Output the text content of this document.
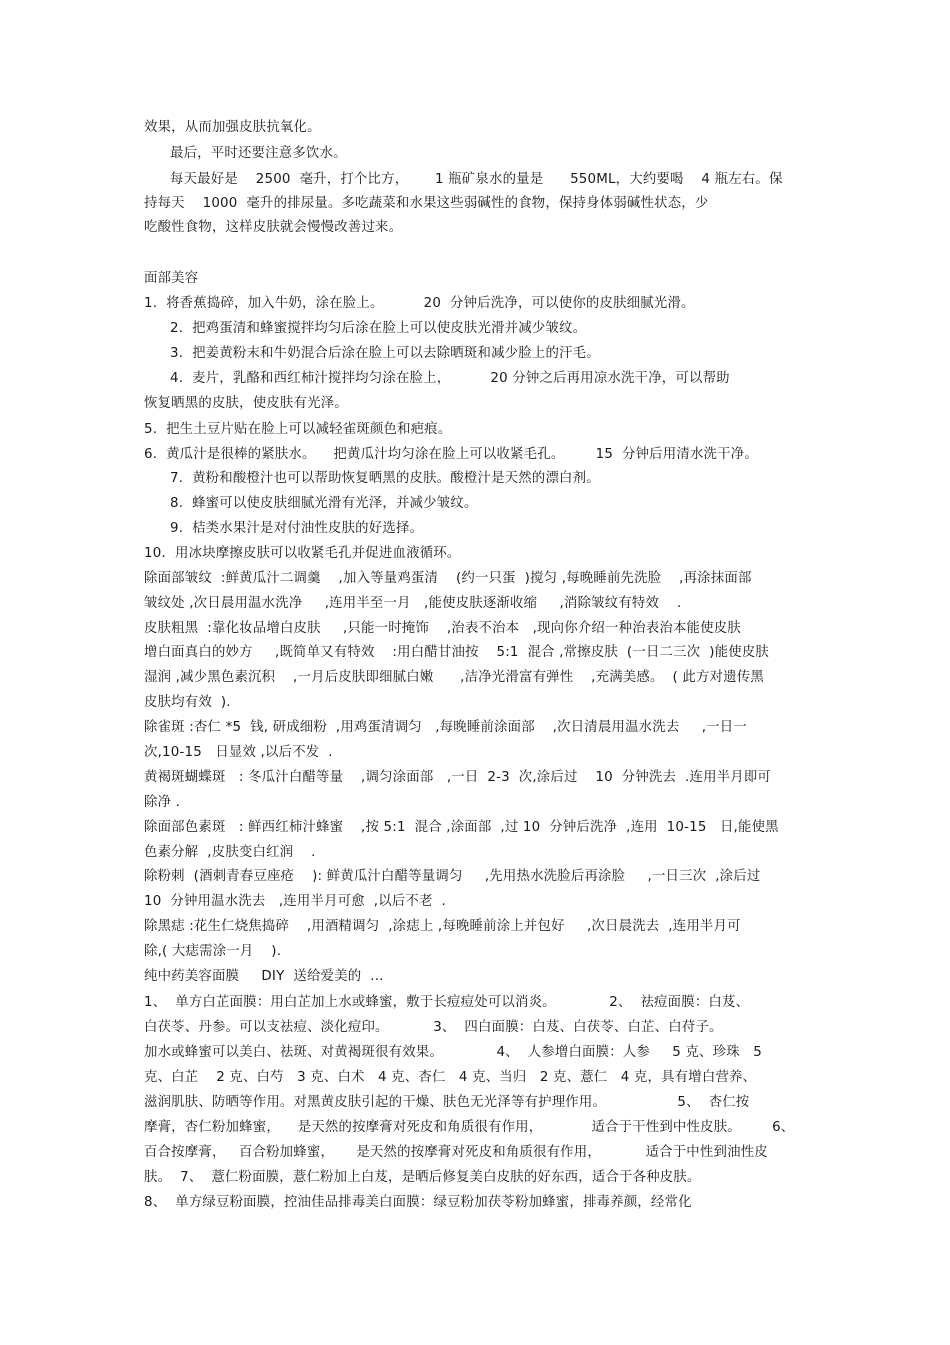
效果，从而加强皮肤抗氧化。
最后，平时还要注意多饮水。
每天最好是    2500  毫升，打个比方，      1 瓶矿泉水的量是      550ML，大约要喝    4 瓶左右。保
持每天    1000  毫升的排尿量。多吃蔬菜和水果这些弱碱性的食物，保持身体弱碱性状态，少
吃酸性食物，这样皮肤就会慢慢改善过来。
面部美容
1.  将香蕉捣碎，加入牛奶，涂在脸上。         20  分钟后洗净，可以使你的皮肤细腻光滑。
2.  把鸡蛋清和蜂蜜搅拌均匀后涂在脸上可以使皮肤光滑并减少皱纹。
3.  把姜黄粉末和牛奶混合后涂在脸上可以去除晒斑和减少脸上的汗毛。
4.  麦片，乳酪和西红柿汁搅拌均匀涂在脸上，         20 分钟之后再用凉水洗干净，可以帮助
恢复晒黑的皮肤，使皮肤有光泽。
5.  把生土豆片贴在脸上可以减轻雀斑颜色和疤痕。
6.  黄瓜汁是很棒的紧肤水。    把黄瓜汁均匀涂在脸上可以收紧毛孔。       15  分钟后用清水洗干净。
7.  黄粉和酸橙汁也可以帮助恢复晒黑的皮肤。酸橙汁是天然的漂白剂。
8.  蜂蜜可以使皮肤细腻光滑有光泽，并减少皱纹。
9.  桔类水果汁是对付油性皮肤的好选择。
10．用冰块摩擦皮肤可以收紧毛孔并促进血液循环。
除面部皱纹  :鲜黄瓜汁二调羹    ,加入等量鸡蛋清    (约一只蛋  )搅匀 ,每晚睡前先洗脸    ,再涂抹面部
皱纹处 ,次日晨用温水洗净     ,连用半至一月   ,能使皮肤逐渐收缩     ,消除皱纹有特效    .
皮肤粗黑  :靠化妆品增白皮肤     ,只能一时掩饰    ,治表不治本   ,现向你介绍一种治表治本能使皮肤
增白面真白的妙方     ,既简单又有特效    :用白醋甘油按    5:1  混合 ,常擦皮肤  (一日二三次  )能使皮肤
湿润 ,减少黑色素沉积    ,一月后皮肤即细腻白嫩      ,洁净光滑富有弹性    ,充满美感。  ( 此方对遗传黑
皮肤均有效  ).
除雀斑 :杏仁 *5  钱, 研成细粉  ,用鸡蛋清调匀   ,每晚睡前涂面部    ,次日清晨用温水洗去     ,一日一
次,10-15   日显效 ,以后不发  .
黄褐斑蝴蝶斑   : 冬瓜汁白醋等量    ,调匀涂面部   ,一日  2-3  次,涂后过    10  分钟洗去  .连用半月即可
除净 .
除面部色素斑   : 鲜西红柿汁蜂蜜    ,按 5:1  混合 ,涂面部  ,过 10  分钟后洗净  ,连用  10-15   日,能使黑
色素分解  ,皮肤变白红润    .
除粉刺  (酒刺青春豆座疮    ): 鲜黄瓜汁白醋等量调匀     ,先用热水洗脸后再涂脸     ,一日三次  ,涂后过
10  分钟用温水洗去   ,连用半月可愈  ,以后不老  .
除黑痣 :花生仁烧焦捣碎    ,用酒精调匀  ,涂痣上 ,每晚睡前涂上并包好     ,次日晨洗去  ,连用半月可
除,( 大痣需涂一月    ).
纯中药美容面膜     DIY  送给爱美的  ...
1、  单方白芷面膜：用白芷加上水或蜂蜜，敷于长痘痘处可以消炎。            2、  祛痘面膜：白芨、
白茯苓、丹参。可以支祛痘、淡化痘印。          3、  四白面膜：白芨、白茯苓、白芷、白苻子。
加水或蜂蜜可以美白、祛斑、对黄褐斑很有效果。            4、  人参增白面膜：人参     5 克、珍珠   5
克、白芷    2 克、白芍   3 克、白术   4 克、杏仁   4 克、当归   2 克、薏仁   4 克，具有增白营养、
滋润肌肤、防晒等作用。对黑黄皮肤引起的干燥、肤色无光泽等有护理作用。                5、  杏仁按
摩膏，杏仁粉加蜂蜜，    是天然的按摩膏对死皮和角质很有作用，           适合于干性到中性皮肤。       6、
百合按摩膏，   百合粉加蜂蜜，     是天然的按摩膏对死皮和角质很有作用，          适合于中性到油性皮
肤。  7、  薏仁粉面膜，薏仁粉加上白芨，是晒后修复美白皮肤的好东西，适合于各种皮肤。
8、  单方绿豆粉面膜，控油佳品排毒美白面膜：绿豆粉加茯苓粉加蜂蜜，排毒养颜，经常化
